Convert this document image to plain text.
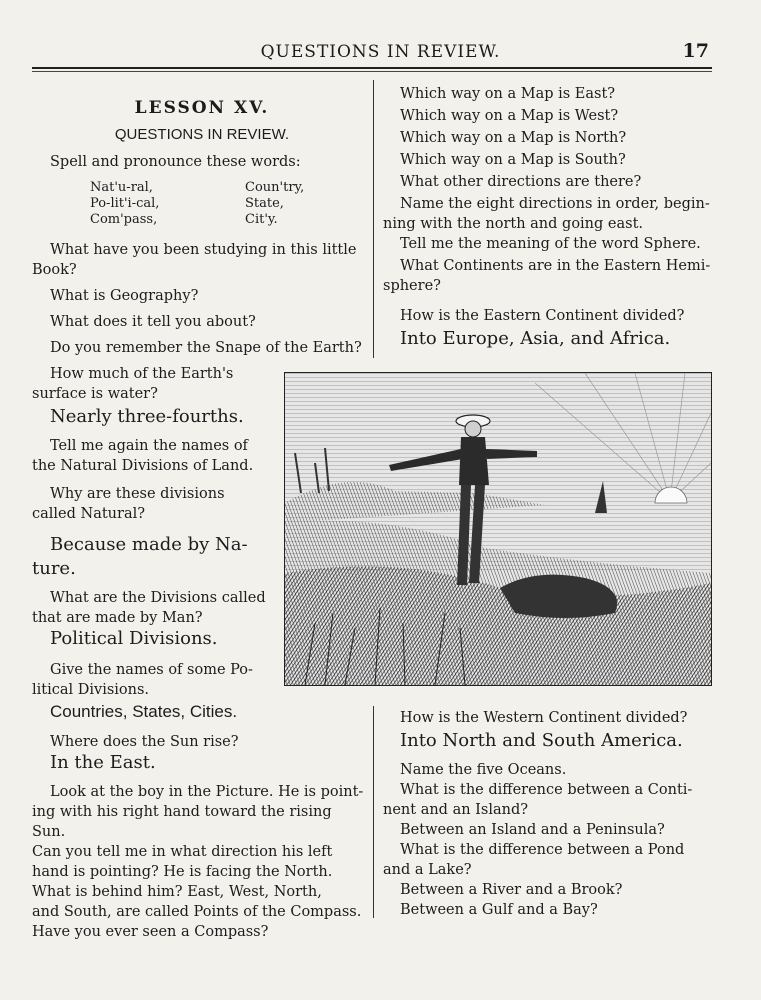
QUESTIONS IN REVIEW.	17
LESSON XV.
QUESTIONS IN REVIEW.
Spell and pronounce these words:
Nat'u-ral,
Po-lit'i-cal,
Com'pass,
Coun'try,
State,
Cit'y.
What have you been studying in this little
Book?
What is Geography?
What does it tell you about?
Do you remember the Snape of the Earth?
How much of the Earth's
surface is water?
Nearly three-fourths.
Tell me again the names of
the Natural Divisions of Land.
Why are these divisions
called Natural?
Because made by Na-
ture.
What are the Divisions called
that are made by Man?
Political Divisions.
Give the names of some Po-
litical Divisions.
Countries, States, Cities.
Where does the Sun rise?
In the East.
Look at the boy in the Picture. He is point-
ing with his right hand toward the rising Sun.
Can you tell me in what direction his left
hand is pointing? He is facing the North.
What is behind him? East, West, North,
and South, are called Points of the Compass.
Have you ever seen a Compass?
Which way on a Map is East?
Which way on a Map is West?
Which way on a Map is North?
Which way on a Map is South?
What other directions are there?
Name the eight directions in order, begin-
ning with the north and going east.
Tell me the meaning of the word Sphere.
What Continents are in the Eastern Hemi-
sphere?
How is the Eastern Continent divided?
Into Europe, Asia, and Africa.
How is the Western Continent divided?
Into North and South America.
Name the five Oceans.
What is the difference between a Conti-
nent and an Island?
Between an Island and a Peninsula?
What is the difference between a Pond
and a Lake?
Between a River and a Brook?
Between a Gulf and a Bay?
